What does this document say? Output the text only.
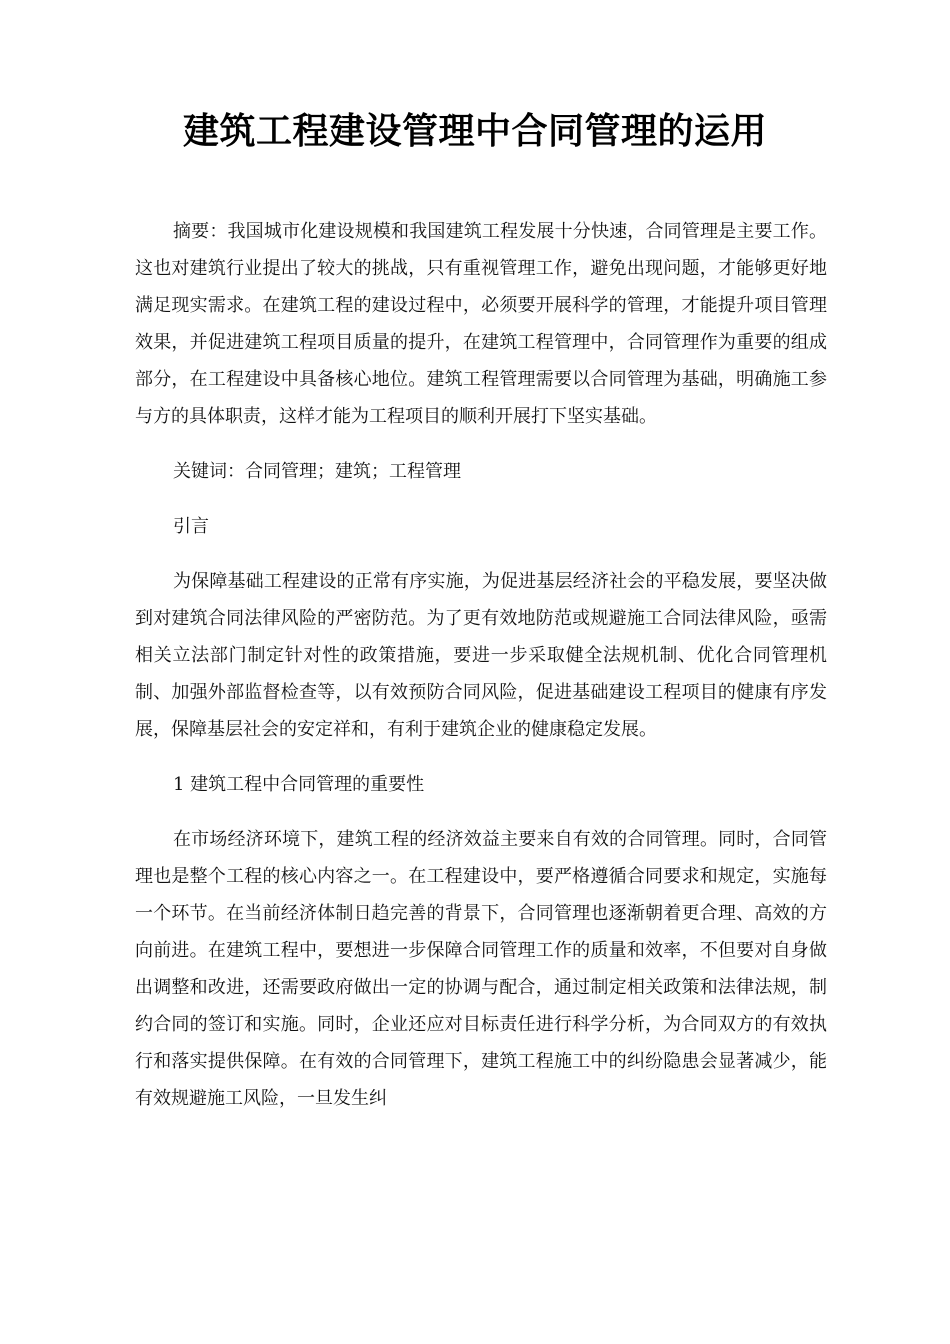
建筑工程建设管理中合同管理的运用

摘要：我国城市化建设规模和我国建筑工程发展十分快速，合同管理是主要工作。这也对建筑行业提出了较大的挑战，只有重视管理工作，避免出现问题，才能够更好地满足现实需求。在建筑工程的建设过程中，必须要开展科学的管理，才能提升项目管理效果，并促进建筑工程项目质量的提升，在建筑工程管理中，合同管理作为重要的组成部分，在工程建设中具备核心地位。建筑工程管理需要以合同管理为基础，明确施工参与方的具体职责，这样才能为工程项目的顺利开展打下坚实基础。

关键词：合同管理；建筑；工程管理

引言

为保障基础工程建设的正常有序实施，为促进基层经济社会的平稳发展，要坚决做到对建筑合同法律风险的严密防范。为了更有效地防范或规避施工合同法律风险，亟需相关立法部门制定针对性的政策措施，要进一步采取健全法规机制、优化合同管理机制、加强外部监督检查等，以有效预防合同风险，促进基础建设工程项目的健康有序发展，保障基层社会的安定祥和，有利于建筑企业的健康稳定发展。

1 建筑工程中合同管理的重要性

在市场经济环境下，建筑工程的经济效益主要来自有效的合同管理。同时，合同管理也是整个工程的核心内容之一。在工程建设中，要严格遵循合同要求和规定，实施每一个环节。在当前经济体制日趋完善的背景下，合同管理也逐渐朝着更合理、高效的方向前进。在建筑工程中，要想进一步保障合同管理工作的质量和效率，不但要对自身做出调整和改进，还需要政府做出一定的协调与配合，通过制定相关政策和法律法规，制约合同的签订和实施。同时，企业还应对目标责任进行科学分析，为合同双方的有效执行和落实提供保障。在有效的合同管理下，建筑工程施工中的纠纷隐患会显著减少，能有效规避施工风险，一旦发生纠
